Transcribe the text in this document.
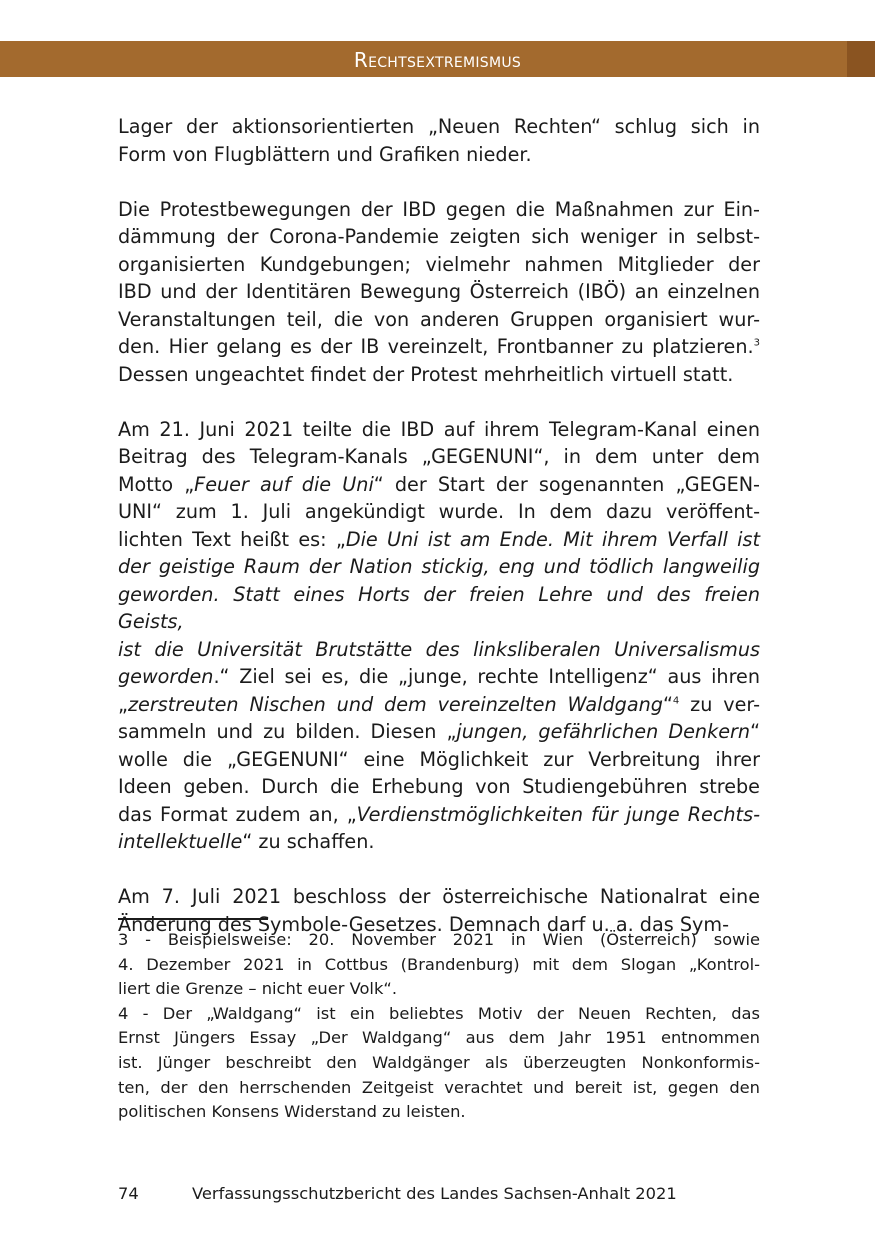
Rechtsextremismus

Lager der aktionsorientierten „Neuen Rechten“ schlug sich in
Form von Flugblättern und Grafiken nieder.

Die Protestbewegungen der IBD gegen die Maßnahmen zur Ein-
dämmung der Corona-Pandemie zeigten sich weniger in selbst-
organisierten Kundgebungen; vielmehr nahmen Mitglieder der
IBD und der Identitären Bewegung Österreich (IBÖ) an einzelnen
Veranstaltungen teil, die von anderen Gruppen organisiert wur-
den. Hier gelang es der IB vereinzelt, Frontbanner zu platzieren.$^3$
Dessen ungeachtet findet der Protest mehrheitlich virtuell statt.

Am 21. Juni 2021 teilte die IBD auf ihrem Telegram-Kanal einen
Beitrag des Telegram-Kanals „GEGENUNI“, in dem unter dem
Motto „Feuer auf die Uni“ der Start der sogenannten „GEGEN-
UNI“ zum 1. Juli angekündigt wurde. In dem dazu veröffent-
lichten Text heißt es: „Die Uni ist am Ende. Mit ihrem Verfall ist
der geistige Raum der Nation stickig, eng und tödlich langweilig
geworden. Statt eines Horts der freien Lehre und des freien Geists,
ist die Universität Brutstätte des linksliberalen Universalismus
geworden.“ Ziel sei es, die „junge, rechte Intelligenz“ aus ihren
„zerstreuten Nischen und dem vereinzelten Waldgang“$^4$ zu ver-
sammeln und zu bilden. Diesen „jungen, gefährlichen Denkern“
wolle die „GEGENUNI“ eine Möglichkeit zur Verbreitung ihrer
Ideen geben. Durch die Erhebung von Studiengebühren strebe
das Format zudem an, „Verdienstmöglichkeiten für junge Rechts-
intellektuelle“ zu schaffen.

Am 7. Juli 2021 beschloss der österreichische Nationalrat eine
Änderung des Symbole-Gesetzes. Demnach darf u. a. das Sym-

3 - Beispielsweise: 20. November 2021 in Wien (Österreich) sowie
4. Dezember 2021 in Cottbus (Brandenburg) mit dem Slogan „Kontrol-
liert die Grenze – nicht euer Volk“.
4 - Der „Waldgang“ ist ein beliebtes Motiv der Neuen Rechten, das
Ernst Jüngers Essay „Der Waldgang“ aus dem Jahr 1951 entnommen
ist. Jünger beschreibt den Waldgänger als überzeugten Nonkonformis-
ten, der den herrschenden Zeitgeist verachtet und bereit ist, gegen den
politischen Konsens Widerstand zu leisten.
74	Verfassungsschutzbericht des Landes Sachsen-Anhalt 2021
